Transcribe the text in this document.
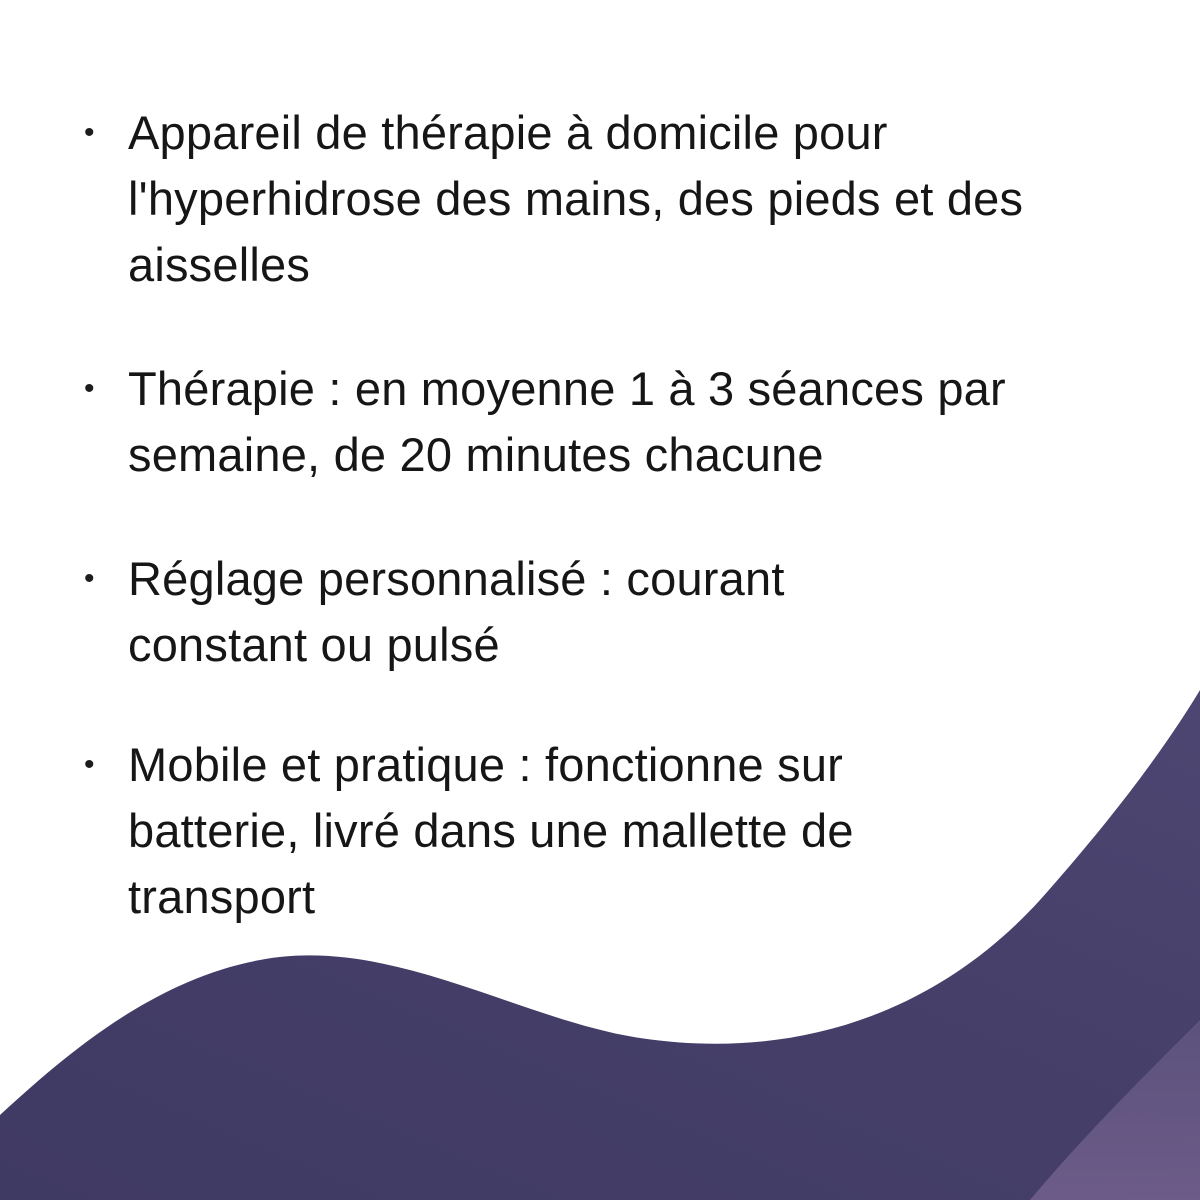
• Appareil de thérapie à domicile pour l'hyperhidrose des mains, des pieds et des aisselles
• Thérapie : en moyenne 1 à 3 séances par semaine, de 20 minutes chacune
• Réglage personnalisé : courant constant ou pulsé
• Mobile et pratique : fonctionne sur batterie, livré dans une mallette de transport
